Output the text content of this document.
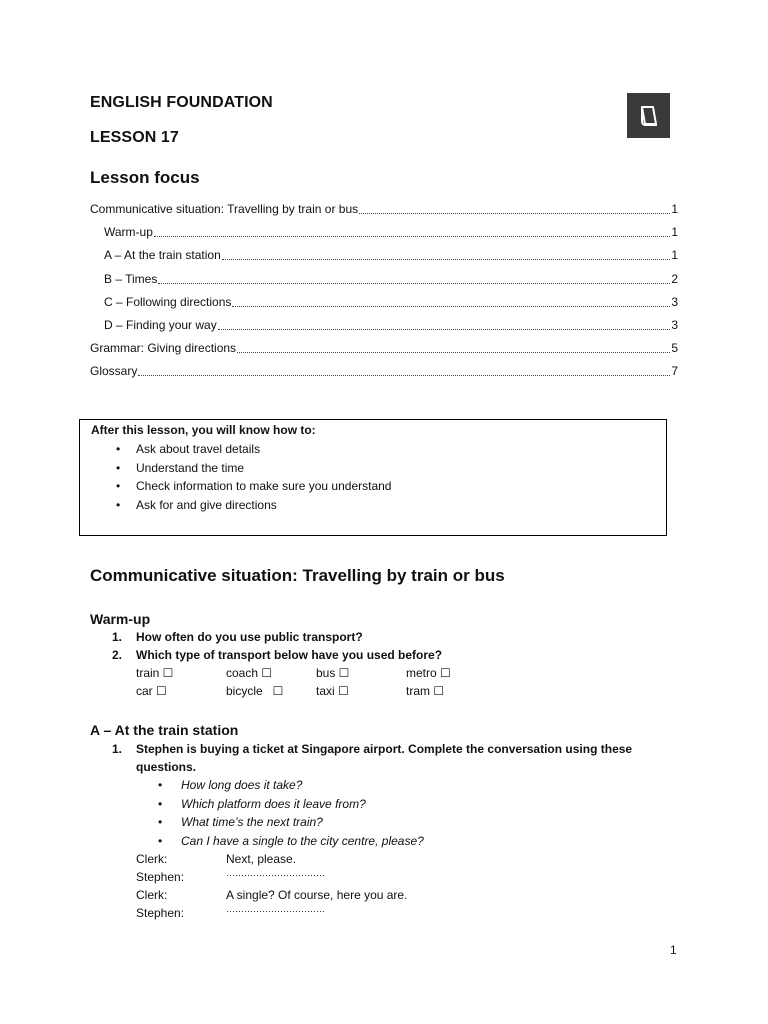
ENGLISH FOUNDATION
LESSON 17
Lesson focus
Communicative situation: Travelling by train or bus	1
Warm-up	1
A – At the train station	1
B – Times	2
C – Following directions	3
D – Finding your way	3
Grammar: Giving directions	5
Glossary	7
After this lesson, you will know how to:
• Ask about travel details
• Understand the time
• Check information to make sure you understand
• Ask for and give directions
Communicative situation: Travelling by train or bus
Warm-up
1. How often do you use public transport?
2. Which type of transport below have you used before?
train ☐	coach ☐	bus ☐	metro ☐
car ☐	bicycle   ☐	taxi ☐	tram ☐
A – At the train station
1. Stephen is buying a ticket at Singapore airport. Complete the conversation using these
questions.
• How long does it take?
• Which platform does it leave from?
• What time’s the next train?
• Can I have a single to the city centre, please?
Clerk:	Next, please.
Stephen:	……………………………
Clerk:	A single? Of course, here you are.
Stephen:	……………………………
1
